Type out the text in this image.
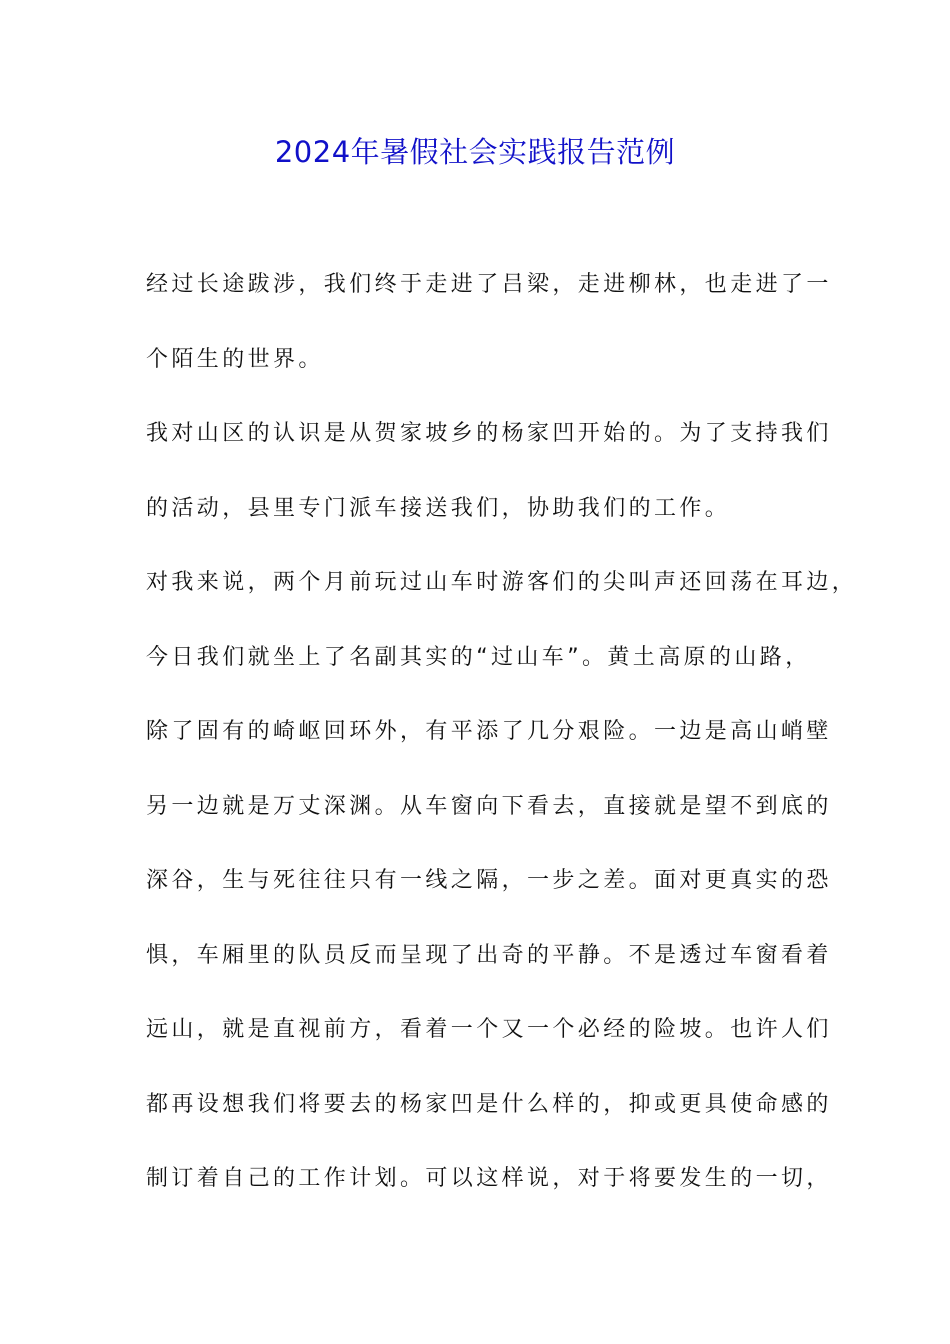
2024年暑假社会实践报告范例
经过长途跋涉，我们终于走进了吕梁，走进柳林，也走进了一
个陌生的世界。
我对山区的认识是从贺家坡乡的杨家凹开始的。为了支持我们
的活动，县里专门派车接送我们，协助我们的工作。
对我来说，两个月前玩过山车时游客们的尖叫声还回荡在耳边，
今日我们就坐上了名副其实的“过山车”。黄土高原的山路，
除了固有的崎岖回环外，有平添了几分艰险。一边是高山峭壁
另一边就是万丈深渊。从车窗向下看去，直接就是望不到底的
深谷，生与死往往只有一线之隔，一步之差。面对更真实的恐
惧，车厢里的队员反而呈现了出奇的平静。不是透过车窗看着
远山，就是直视前方，看着一个又一个必经的险坡。也许人们
都再设想我们将要去的杨家凹是什么样的，抑或更具使命感的
制订着自己的工作计划。可以这样说，对于将要发生的一切，
